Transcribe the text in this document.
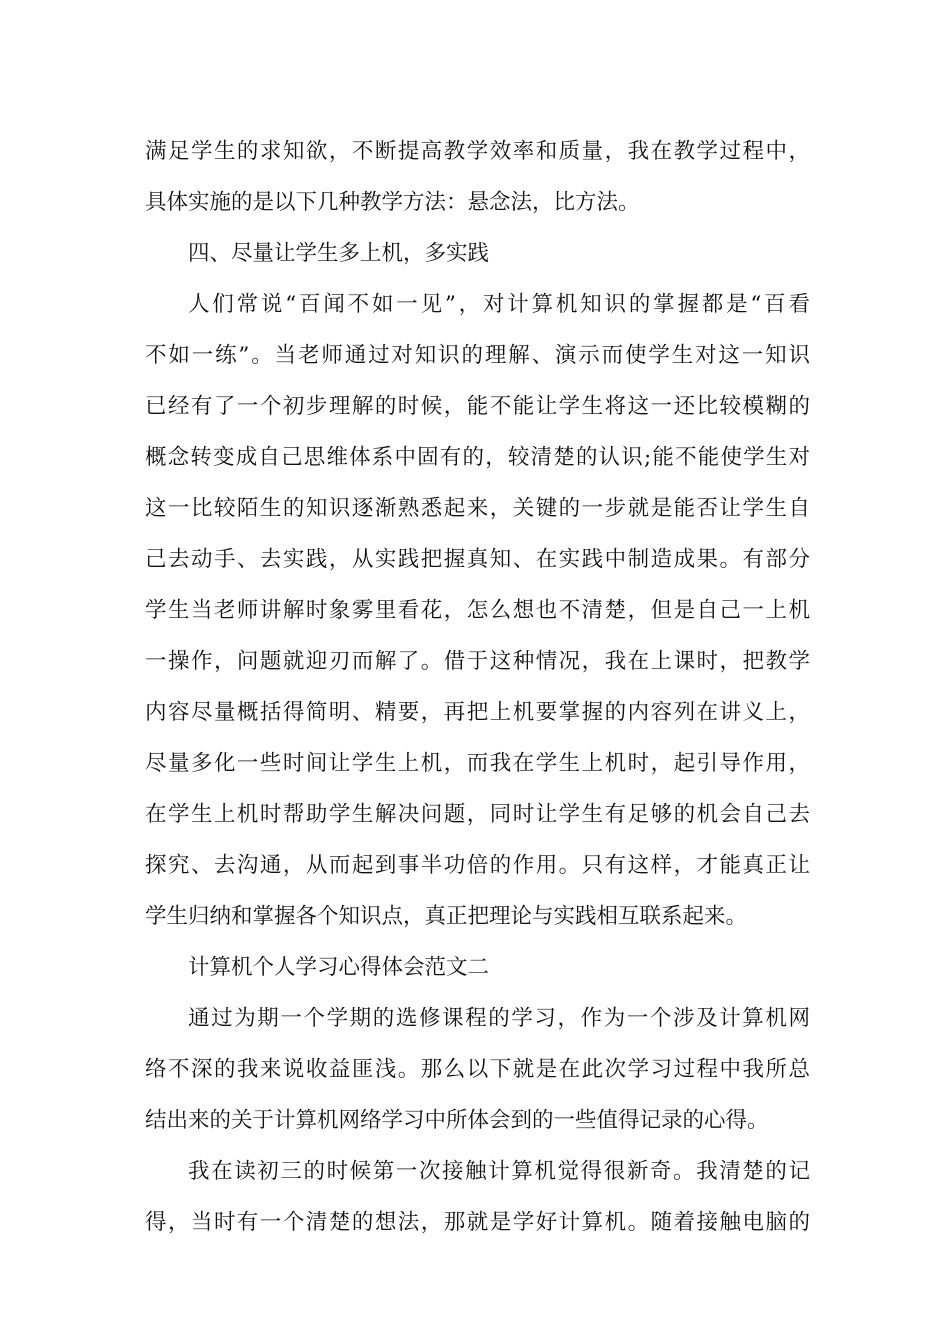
满足学生的求知欲，不断提高教学效率和质量，我在教学过程中，
具体实施的是以下几种教学方法：悬念法，比方法。
四、尽量让学生多上机，多实践
人们常说“百闻不如一见”，对计算机知识的掌握都是“百看
不如一练”。当老师通过对知识的理解、演示而使学生对这一知识
已经有了一个初步理解的时候，能不能让学生将这一还比较模糊的
概念转变成自己思维体系中固有的，较清楚的认识;能不能使学生对
这一比较陌生的知识逐渐熟悉起来，关键的一步就是能否让学生自
己去动手、去实践，从实践把握真知、在实践中制造成果。有部分
学生当老师讲解时象雾里看花，怎么想也不清楚，但是自己一上机
一操作，问题就迎刃而解了。借于这种情况，我在上课时，把教学
内容尽量概括得简明、精要，再把上机要掌握的内容列在讲义上，
尽量多化一些时间让学生上机，而我在学生上机时，起引导作用，
在学生上机时帮助学生解决问题，同时让学生有足够的机会自己去
探究、去沟通，从而起到事半功倍的作用。只有这样，才能真正让
学生归纳和掌握各个知识点，真正把理论与实践相互联系起来。
计算机个人学习心得体会范文二
通过为期一个学期的选修课程的学习，作为一个涉及计算机网
络不深的我来说收益匪浅。那么以下就是在此次学习过程中我所总
结出来的关于计算机网络学习中所体会到的一些值得记录的心得。
我在读初三的时候第一次接触计算机觉得很新奇。我清楚的记
得，当时有一个清楚的想法，那就是学好计算机。随着接触电脑的
